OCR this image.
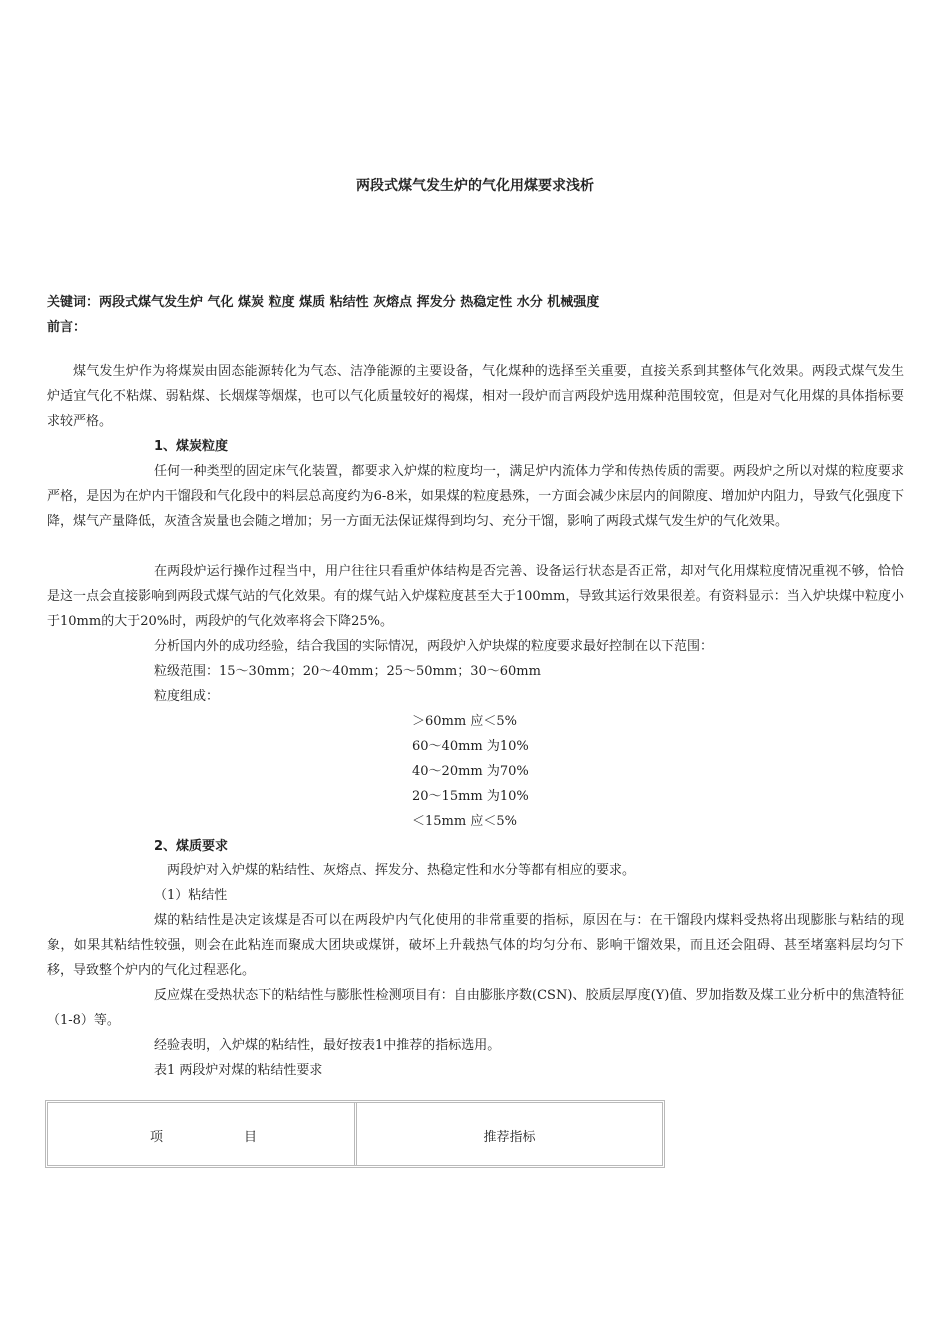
两段式煤气发生炉的气化用煤要求浅析
关键词：两段式煤气发生炉 气化 煤炭 粒度 煤质 粘结性 灰熔点 挥发分 热稳定性 水分 机械强度
前言：
煤气发生炉作为将煤炭由固态能源转化为气态、洁净能源的主要设备，气化煤种的选择至关重要，直接关系到其整体气化效果。两段式煤气发生炉适宜气化不粘煤、弱粘煤、长烟煤等烟煤，也可以气化质量较好的褐煤，相对一段炉而言两段炉选用煤种范围较宽，但是对气化用煤的具体指标要求较严格。
1、煤炭粒度
任何一种类型的固定床气化装置，都要求入炉煤的粒度均一，满足炉内流体力学和传热传质的需要。两段炉之所以对煤的粒度要求严格，是因为在炉内干馏段和气化段中的料层总高度约为6-8米，如果煤的粒度悬殊，一方面会减少床层内的间隙度、增加炉内阻力，导致气化强度下降，煤气产量降低，灰渣含炭量也会随之增加；另一方面无法保证煤得到均匀、充分干馏，影响了两段式煤气发生炉的气化效果。
在两段炉运行操作过程当中，用户往往只看重炉体结构是否完善、设备运行状态是否正常，却对气化用煤粒度情况重视不够，恰恰是这一点会直接影响到两段式煤气站的气化效果。有的煤气站入炉煤粒度甚至大于100mm，导致其运行效果很差。有资料显示：当入炉块煤中粒度小于10mm的大于20%时，两段炉的气化效率将会下降25%。
分析国内外的成功经验，结合我国的实际情况，两段炉入炉块煤的粒度要求最好控制在以下范围：
粒级范围：15～30mm；20～40mm；25～50mm；30～60mm
粒度组成：
＞60mm 应＜5%
60～40mm 为10%
40～20mm 为70%
20～15mm 为10%
＜15mm 应＜5%
2、煤质要求
两段炉对入炉煤的粘结性、灰熔点、挥发分、热稳定性和水分等都有相应的要求。
（1）粘结性
煤的粘结性是决定该煤是否可以在两段炉内气化使用的非常重要的指标，原因在与：在干馏段内煤料受热将出现膨胀与粘结的现象，如果其粘结性较强，则会在此粘连而聚成大团块或煤饼，破坏上升载热气体的均匀分布、影响干馏效果，而且还会阻碍、甚至堵塞料层均匀下移，导致整个炉内的气化过程恶化。
反应煤在受热状态下的粘结性与膨胀性检测项目有：自由膨胀序数(CSN)、胶质层厚度(Y)值、罗加指数及煤工业分析中的焦渣特征（1-8）等。
经验表明，入炉煤的粘结性，最好按表1中推荐的指标选用。
表1 两段炉对煤的粘结性要求
项	目	推荐指标
